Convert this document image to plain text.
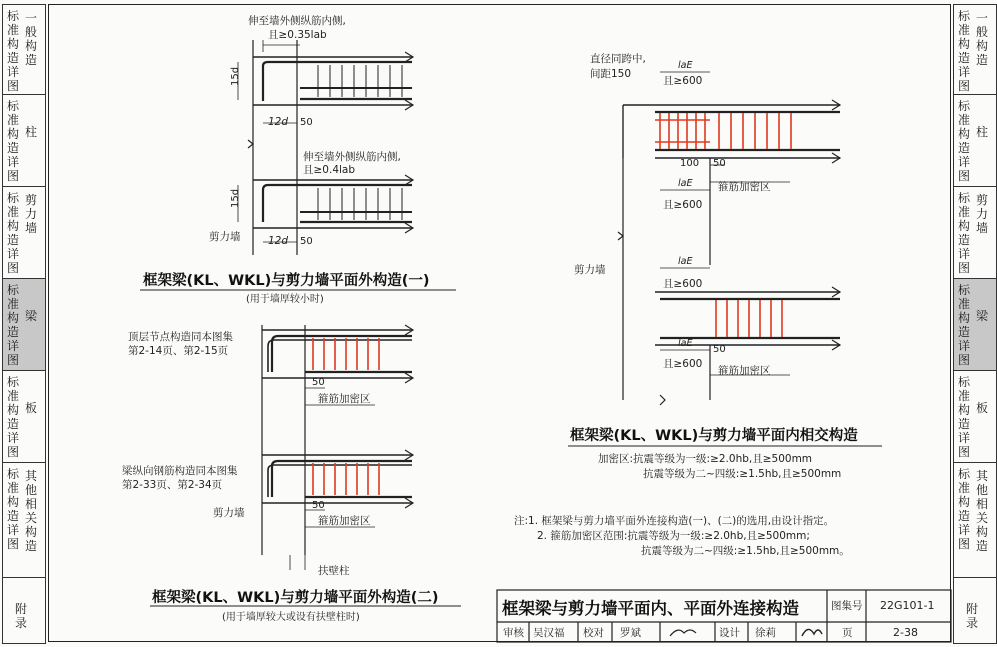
标准构造详图
一般构造
标准构造详图
柱
标准构造详图
剪力墙
标准构造详图
梁
标准构造详图
板
标准构造详图
其他相关构造
附录
标准构造详图
一般构造
标准构造详图
柱
标准构造详图
剪力墙
标准构造详图
梁
标准构造详图
板
标准构造详图
其他相关构造
附录
伸至墙外侧纵筋内侧,
且≥0.35lab
伸至墙外侧纵筋内侧,
且≥0.4lab
15d
15d
12d 50
12d 50
剪力墙
框架梁(KL、WKL)与剪力墙平面外构造(一)
(用于墙厚较小时)
顶层节点构造同本图集
第2-14页、第2-15页
梁纵向钢筋构造同本图集
第2-33页、第2-34页
50
箍筋加密区
50
箍筋加密区
剪力墙
扶壁柱
框架梁(KL、WKL)与剪力墙平面外构造(二)
(用于墙厚较大或设有扶壁柱时)
直径同跨中,
间距150
laE
且≥600
100 50
laE 箍筋加密区
且≥600
剪力墙
laE
且≥600
laE
50
且≥600
箍筋加密区
框架梁(KL、WKL)与剪力墙平面内相交构造
加密区:抗震等级为一级:≥2.0hb,且≥500mm
抗震等级为二~四级:≥1.5hb,且≥500mm
注:1. 框架梁与剪力墙平面外连接构造(一)、(二)的选用,由设计指定。
2. 箍筋加密区范围:抗震等级为一级:≥2.0hb,且≥500mm;
抗震等级为二~四级:≥1.5hb,且≥500mm。
框架梁与剪力墙平面内、平面外连接构造	图集号 22G101-1
审核 吴汉福 校对 罗斌	设计 徐莉	页	2-38
